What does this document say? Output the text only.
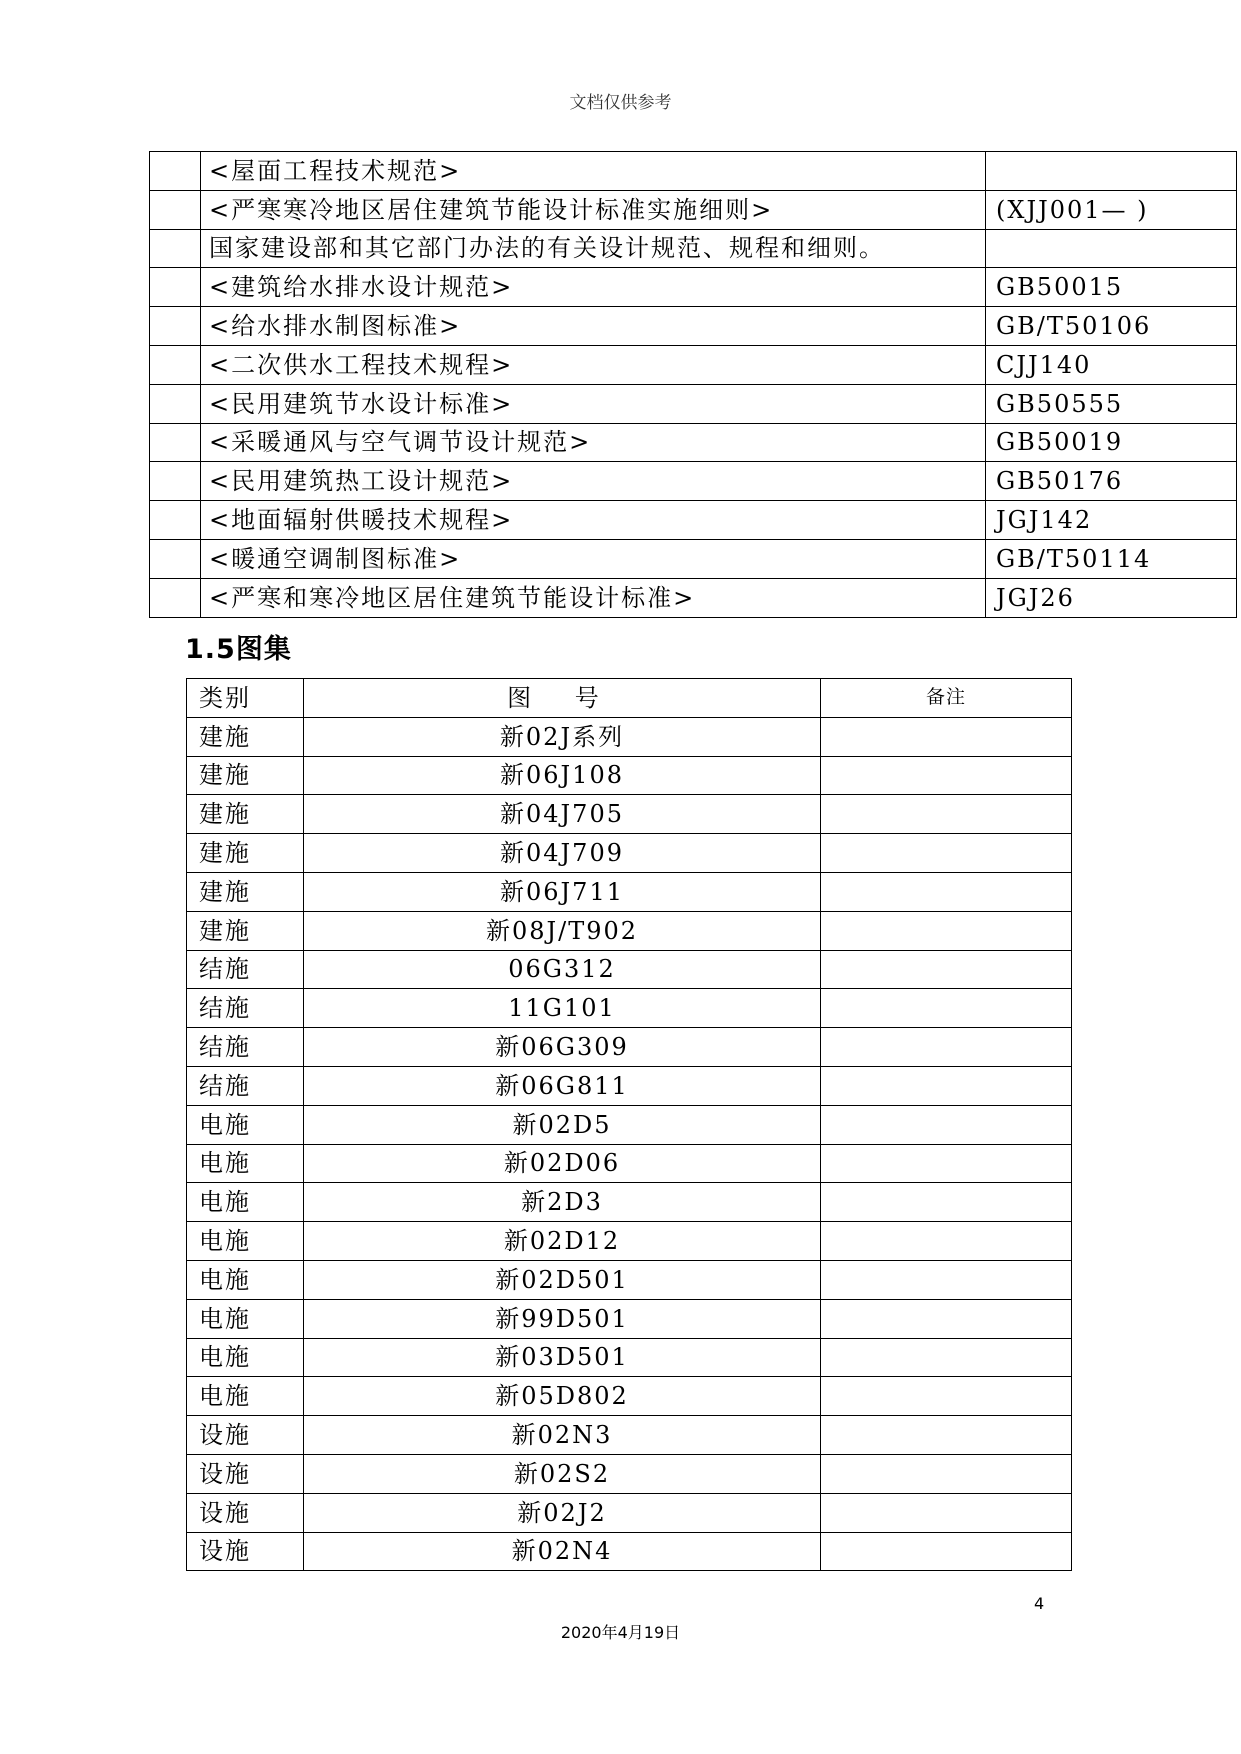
文档仅供参考
	<屋面工程技术规范>	
	<严寒寒冷地区居住建筑节能设计标准实施细则>	(XJJ001— )
	国家建设部和其它部门办法的有关设计规范、规程和细则。	
	<建筑给水排水设计规范>	GB50015
	<给水排水制图标准>	GB/T50106
	<二次供水工程技术规程>	CJJ140
	<民用建筑节水设计标准>	GB50555
	<采暖通风与空气调节设计规范>	GB50019
	<民用建筑热工设计规范>	GB50176
	<地面辐射供暖技术规程>	JGJ142
	<暖通空调制图标准>	GB/T50114
	<严寒和寒冷地区居住建筑节能设计标准>	JGJ26
1.5图集
类别	图 号	备注
建施	新02J系列	
建施	新06J108	
建施	新04J705	
建施	新04J709	
建施	新06J711	
建施	新08J/T902	
结施	06G312	
结施	11G101	
结施	新06G309	
结施	新06G811	
电施	新02D5	
电施	新02D06	
电施	新2D3	
电施	新02D12	
电施	新02D501	
电施	新99D501	
电施	新03D501	
电施	新05D802	
设施	新02N3	
设施	新02S2	
设施	新02J2	
设施	新02N4	
4
2020年4月19日
